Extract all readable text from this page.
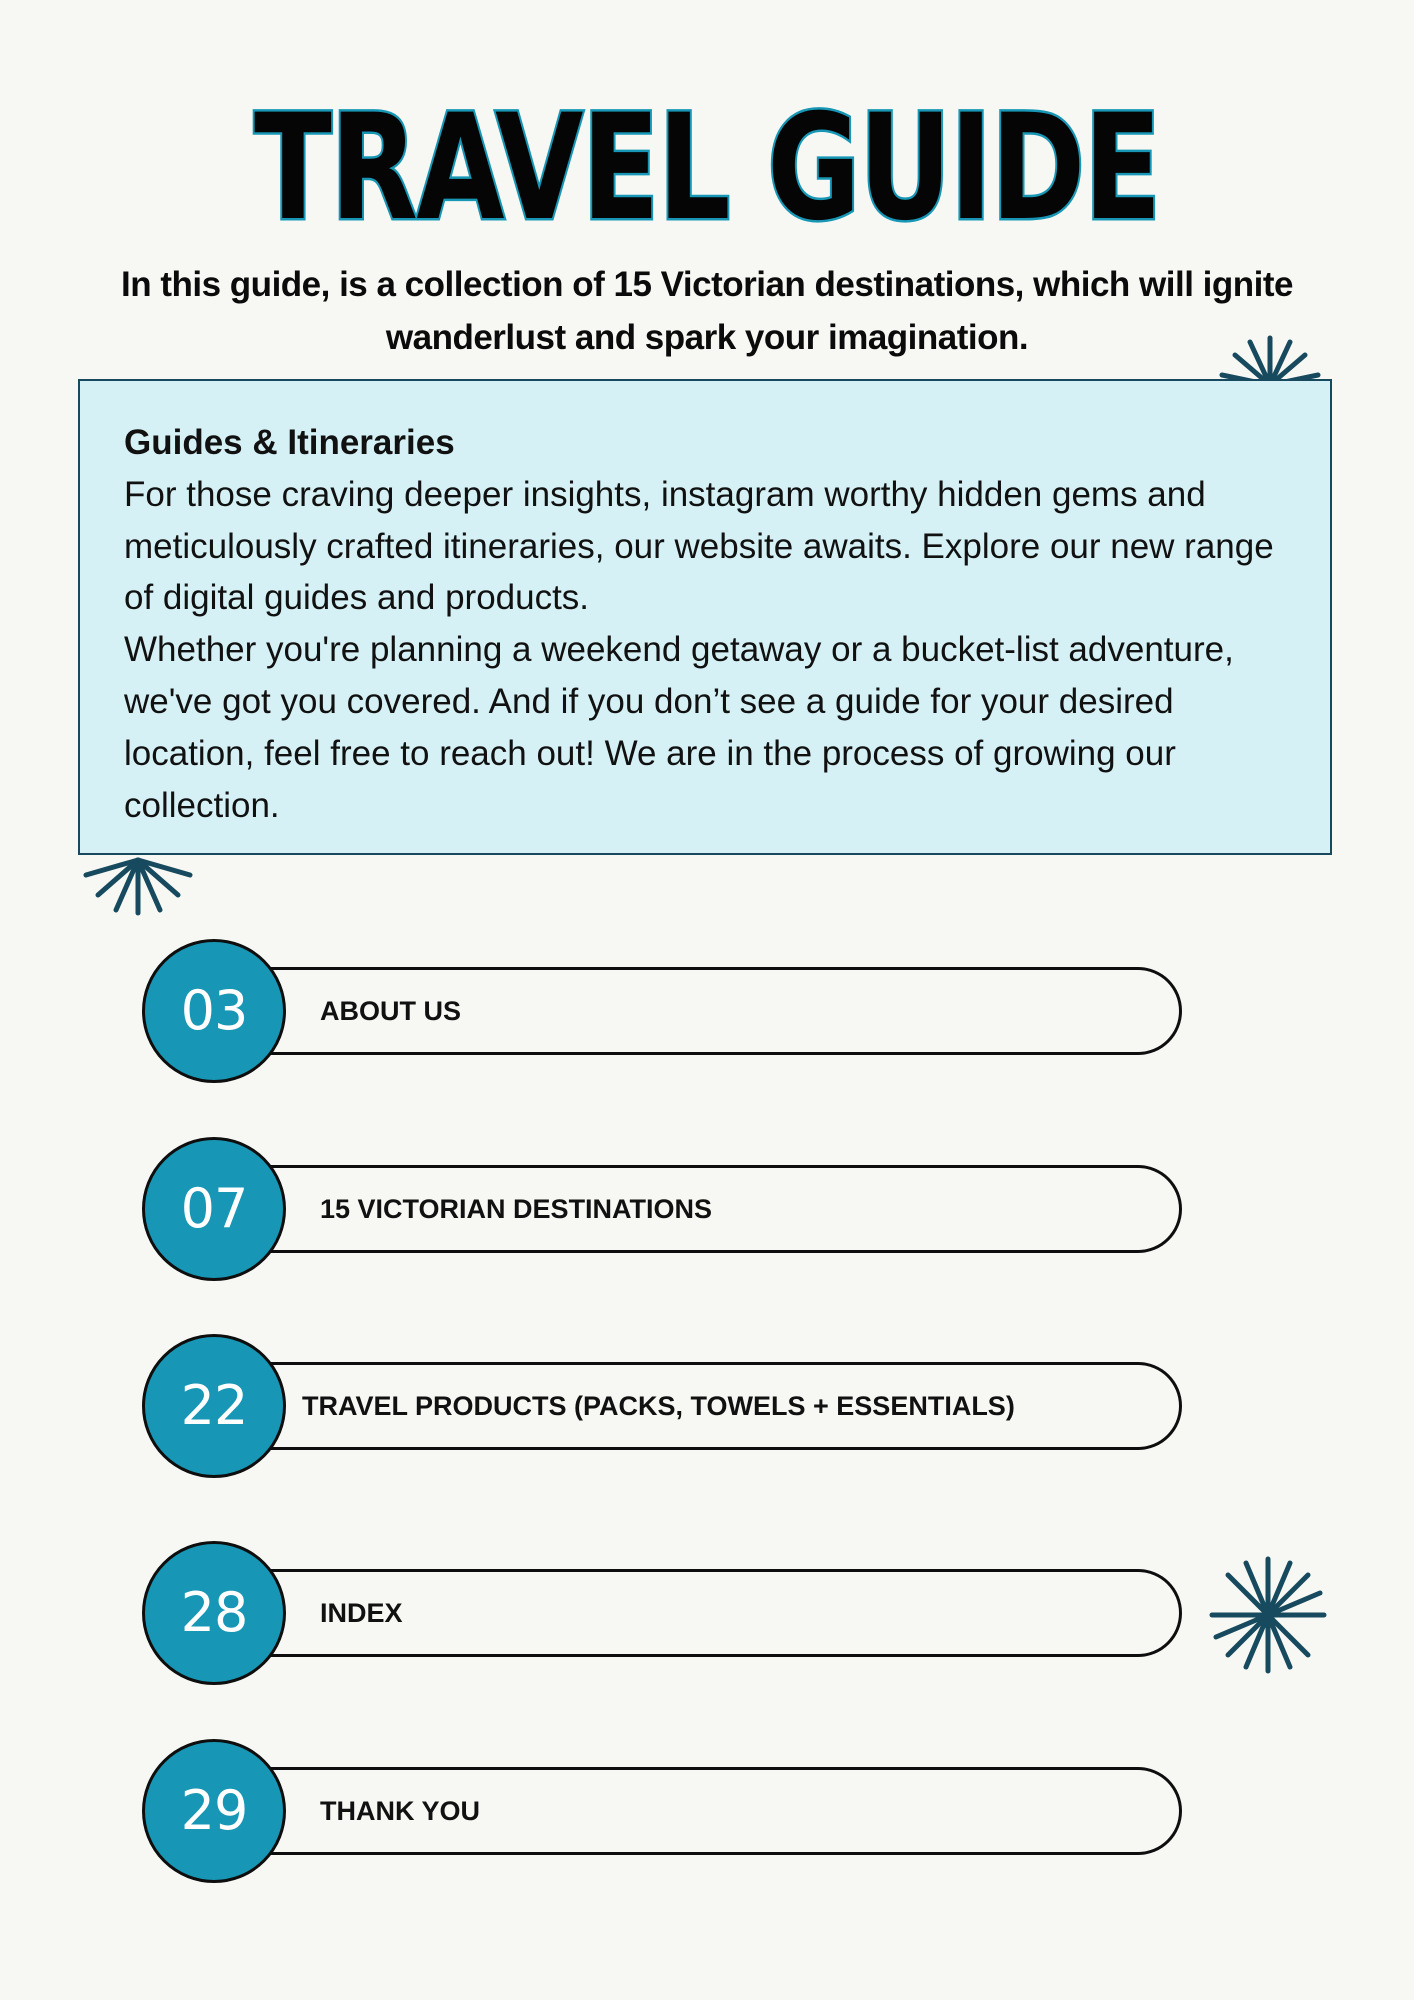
TRAVEL GUIDE
In this guide, is a collection of 15 Victorian destinations, which will ignite wanderlust and spark your imagination.
Guides & Itineraries

For those craving deeper insights, instagram worthy hidden gems and meticulously crafted itineraries, our website awaits. Explore our new range of digital guides and products.

Whether you're planning a weekend getaway or a bucket-list adventure, we've got you covered. And if you don’t see a guide for your desired location, feel free to reach out! We are in the process of growing our collection.

03	ABOUT US
07	15 VICTORIAN DESTINATIONS
22	TRAVEL PRODUCTS (PACKS, TOWELS + ESSENTIALS)
28	INDEX
29	THANK YOU
